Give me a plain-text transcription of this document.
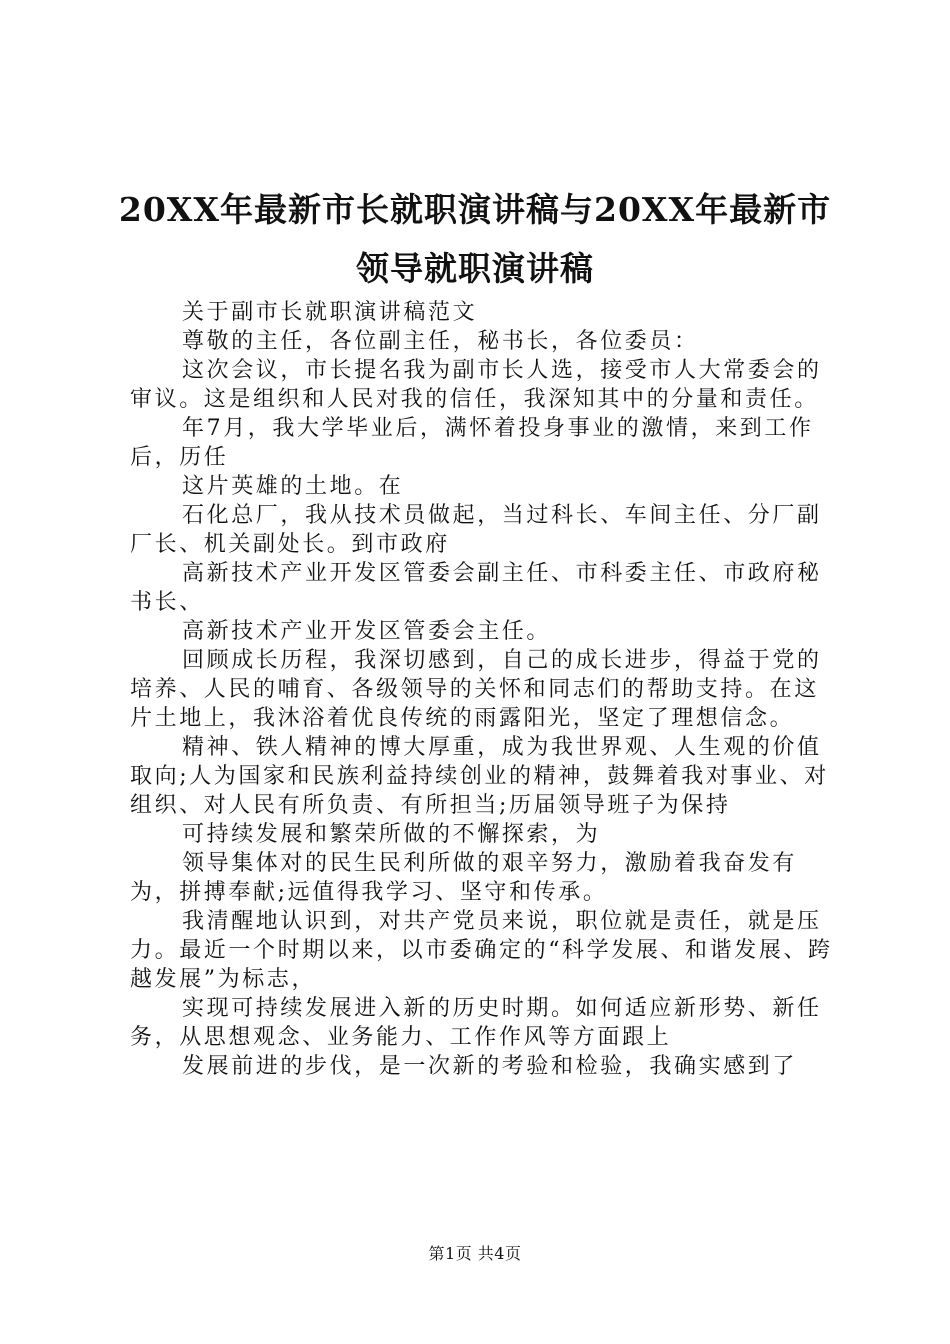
20XX年最新市长就职演讲稿与20XX年最新市
领导就职演讲稿

关于副市长就职演讲稿范文

尊敬的主任，各位副主任，秘书长，各位委员：

这次会议，市长提名我为副市长人选，接受市人大常委会的审议。这是组织和人民对我的信任，我深知其中的分量和责任。

年7月，我大学毕业后，满怀着投身事业的激情，来到工作后，历任

这片英雄的土地。在

石化总厂，我从技术员做起，当过科长、车间主任、分厂副厂长、机关副处长。到市政府

高新技术产业开发区管委会副主任、市科委主任、市政府秘书长、

高新技术产业开发区管委会主任。

回顾成长历程，我深切感到，自己的成长进步，得益于党的培养、人民的哺育、各级领导的关怀和同志们的帮助支持。在这片土地上，我沐浴着优良传统的雨露阳光，坚定了理想信念。

精神、铁人精神的博大厚重，成为我世界观、人生观的价值取向;人为国家和民族利益持续创业的精神，鼓舞着我对事业、对组织、对人民有所负责、有所担当;历届领导班子为保持

可持续发展和繁荣所做的不懈探索，为

领导集体对的民生民利所做的艰辛努力，激励着我奋发有为，拼搏奉献;远值得我学习、坚守和传承。

我清醒地认识到，对共产党员来说，职位就是责任，就是压力。最近一个时期以来，以市委确定的“科学发展、和谐发展、跨越发展”为标志，

实现可持续发展进入新的历史时期。如何适应新形势、新任务，从思想观念、业务能力、工作作风等方面跟上

发展前进的步伐，是一次新的考验和检验，我确实感到了

第1页 共4页
